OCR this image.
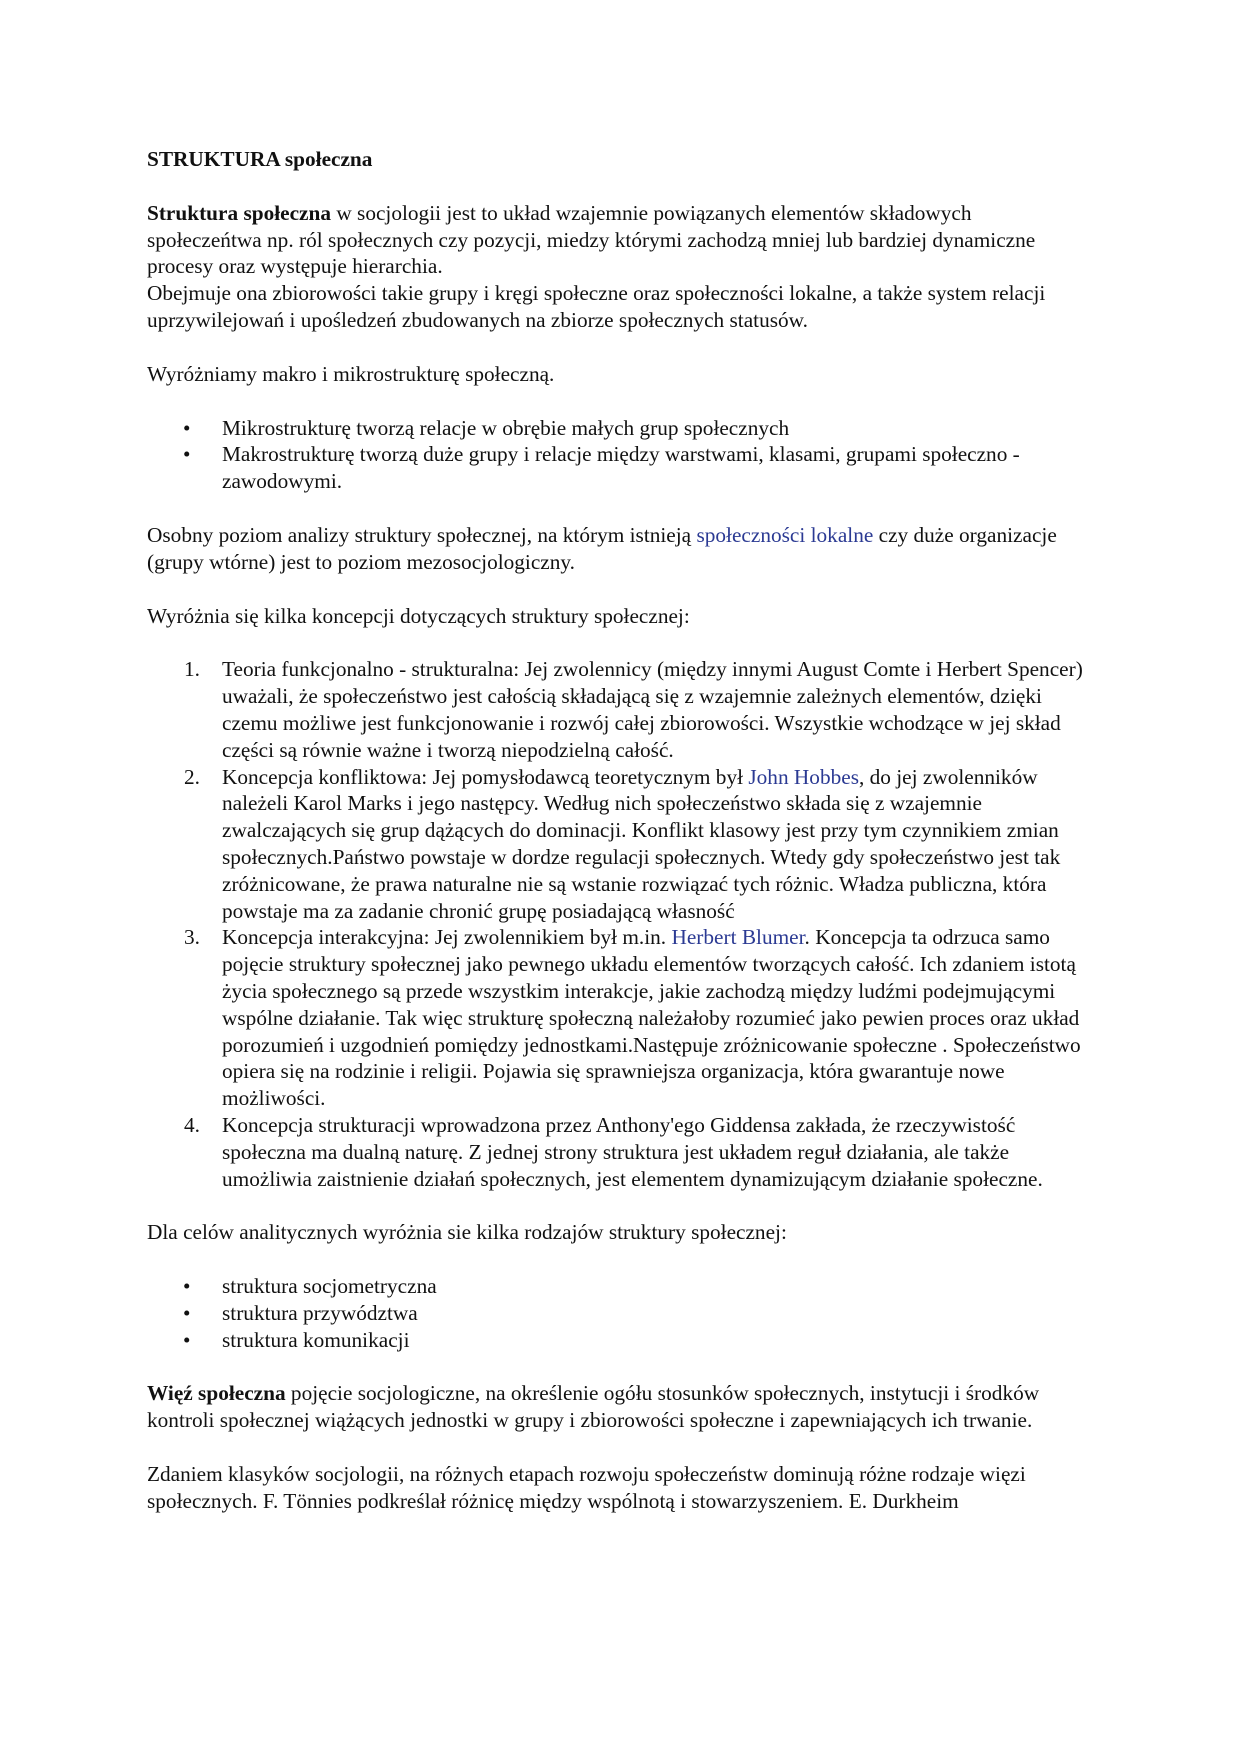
STRUKTURA społeczna

Struktura społeczna w socjologii jest to układ wzajemnie powiązanych elementów składowych społeczeńtwa np. ról społecznych czy pozycji, miedzy którymi zachodzą mniej lub bardziej dynamiczne procesy oraz występuje hierarchia.

Obejmuje ona zbiorowości takie grupy i kręgi społeczne oraz społeczności lokalne, a także system relacji uprzywilejowań i upośledzeń zbudowanych na zbiorze społecznych statusów.

Wyróżniamy makro i mikrostrukturę społeczną.

• Mikrostrukturę tworzą relacje w obrębie małych grup społecznych
• Makrostrukturę tworzą duże grupy i relacje między warstwami, klasami, grupami społeczno - zawodowymi.

Osobny poziom analizy struktury społecznej, na którym istnieją społeczności lokalne czy duże organizacje (grupy wtórne) jest to poziom mezosocjologiczny.

Wyróżnia się kilka koncepcji dotyczących struktury społecznej:

1. Teoria funkcjonalno - strukturalna: Jej zwolennicy (między innymi August Comte i Herbert Spencer) uważali, że społeczeństwo jest całością składającą się z wzajemnie zależnych elementów, dzięki czemu możliwe jest funkcjonowanie i rozwój całej zbiorowości. Wszystkie wchodzące w jej skład części są równie ważne i tworzą niepodzielną całość.
2. Koncepcja konfliktowa: Jej pomysłodawcą teoretycznym był John Hobbes, do jej zwolenników należeli Karol Marks i jego następcy. Według nich społeczeństwo składa się z wzajemnie zwalczających się grup dążących do dominacji. Konflikt klasowy jest przy tym czynnikiem zmian społecznych.Państwo powstaje w dordze regulacji społecznych. Wtedy gdy społeczeństwo jest tak zróżnicowane, że prawa naturalne nie są wstanie rozwiązać tych różnic. Władza publiczna, która powstaje ma za zadanie chronić grupę posiadającą własność
3. Koncepcja interakcyjna: Jej zwolennikiem był m.in. Herbert Blumer. Koncepcja ta odrzuca samo pojęcie struktury społecznej jako pewnego układu elementów tworzących całość. Ich zdaniem istotą życia społecznego są przede wszystkim interakcje, jakie zachodzą między ludźmi podejmującymi wspólne działanie. Tak więc strukturę społeczną należałoby rozumieć jako pewien proces oraz układ porozumień i uzgodnień pomiędzy jednostkami.Następuje zróżnicowanie społeczne . Społeczeństwo opiera się na rodzinie i religii. Pojawia się sprawniejsza organizacja, która gwarantuje nowe możliwości.
4. Koncepcja strukturacji wprowadzona przez Anthony'ego Giddensa zakłada, że rzeczywistość społeczna ma dualną naturę. Z jednej strony struktura jest układem reguł działania, ale także umożliwia zaistnienie działań społecznych, jest elementem dynamizującym działanie społeczne.

Dla celów analitycznych wyróżnia sie kilka rodzajów struktury społecznej:

• struktura socjometryczna
• struktura przywództwa
• struktura komunikacji

Więź społeczna pojęcie socjologiczne, na określenie ogółu stosunków społecznych, instytucji i środków kontroli społecznej wiążących jednostki w grupy i zbiorowości społeczne i zapewniających ich trwanie.

Zdaniem klasyków socjologii, na różnych etapach rozwoju społeczeństw dominują różne rodzaje więzi społecznych. F. Tönnies podkreślał różnicę między wspólnotą i stowarzyszeniem. E. Durkheim
